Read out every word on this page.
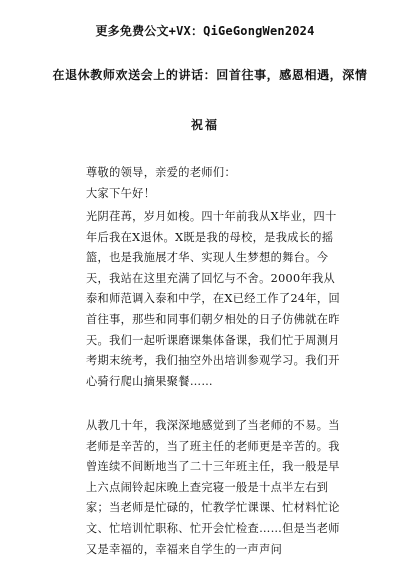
更多免费公文+VX：QiGeGongWen2024
在退休教师欢送会上的讲话：回首往事，感恩相遇，深情
祝福

尊敬的领导，亲爱的老师们：

大家下午好！

光阴荏苒，岁月如梭。四十年前我从X毕业，四十年后我在X退休。X既是我的母校，是我成长的摇篮，也是我施展才华、实现人生梦想的舞台。今天，我站在这里充满了回忆与不舍。2000年我从泰和师范调入泰和中学，在X已经工作了24年，回首往事，那些和同事们朝夕相处的日子仿佛就在昨天。我们一起听课磨课集体备课，我们忙于周测月考期末统考，我们抽空外出培训参观学习。我们开心骑行爬山摘果聚餐……

从教几十年，我深深地感觉到了当老师的不易。当老师是辛苦的，当了班主任的老师更是辛苦的。我曾连续不间断地当了二十三年班主任，我一般是早上六点闹铃起床晚上查完寝一般是十点半左右到家；当老师是忙碌的，忙教学忙课课、忙材料忙论文、忙培训忙职称、忙开会忙检查……但是当老师又是幸福的，幸福来自学生的一声声问
